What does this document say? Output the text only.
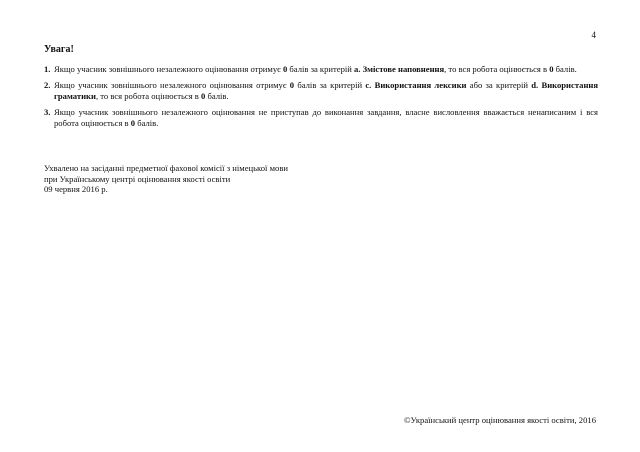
4
Увага!
1. Якщо учасник зовнішнього незалежного оцінювання отримує 0 балів за критерій a. Змістове наповнення, то вся робота оцінюється в 0 балів.
2. Якщо учасник зовнішнього незалежного оцінювання отримує 0 балів за критерій c. Використання лексики або за критерій d. Використання граматики, то вся робота оцінюється в 0 балів.
3. Якщо учасник зовнішнього незалежного оцінювання не приступав до виконання завдання, власне висловлення вважається ненаписаним і вся робота оцінюється в 0 балів.
Ухвалено на засіданні предметної фахової комісії з німецької мови
при Українському центрі оцінювання якості освіти
09 червня 2016 р.
©Український центр оцінювання якості освіти, 2016
